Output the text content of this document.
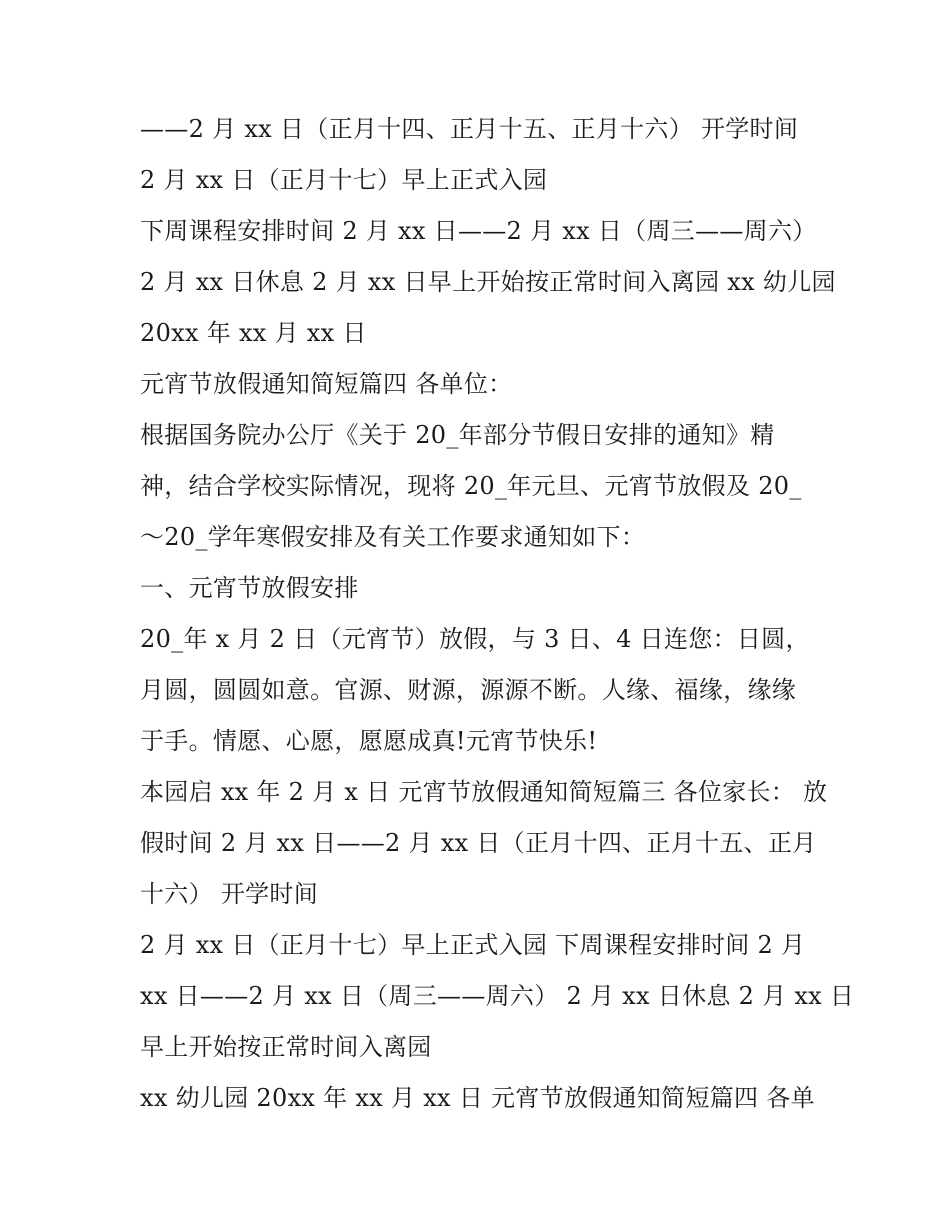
——2 月 xx 日（正月十四、正月十五、正月十六） 开学时间
2 月 xx 日（正月十七）早上正式入园
下周课程安排时间 2 月 xx 日——2 月 xx 日（周三——周六）
2 月 xx 日休息 2 月 xx 日早上开始按正常时间入离园 xx 幼儿园
20xx 年 xx 月 xx 日
元宵节放假通知简短篇四 各单位：
根据国务院办公厅《关于 20_年部分节假日安排的通知》精
神，结合学校实际情况，现将 20_年元旦、元宵节放假及 20_
～20_学年寒假安排及有关工作要求通知如下：
一、元宵节放假安排
20_年 x 月 2 日（元宵节）放假，与 3 日、4 日连您：日圆，
月圆，圆圆如意。官源、财源，源源不断。人缘、福缘，缘缘
于手。情愿、心愿，愿愿成真!元宵节快乐!
本园启 xx 年 2 月 x 日 元宵节放假通知简短篇三 各位家长： 放
假时间 2 月 xx 日——2 月 xx 日（正月十四、正月十五、正月
十六） 开学时间
2 月 xx 日（正月十七）早上正式入园 下周课程安排时间 2 月
xx 日——2 月 xx 日（周三——周六） 2 月 xx 日休息 2 月 xx 日
早上开始按正常时间入离园
xx 幼儿园 20xx 年 xx 月 xx 日 元宵节放假通知简短篇四 各单
